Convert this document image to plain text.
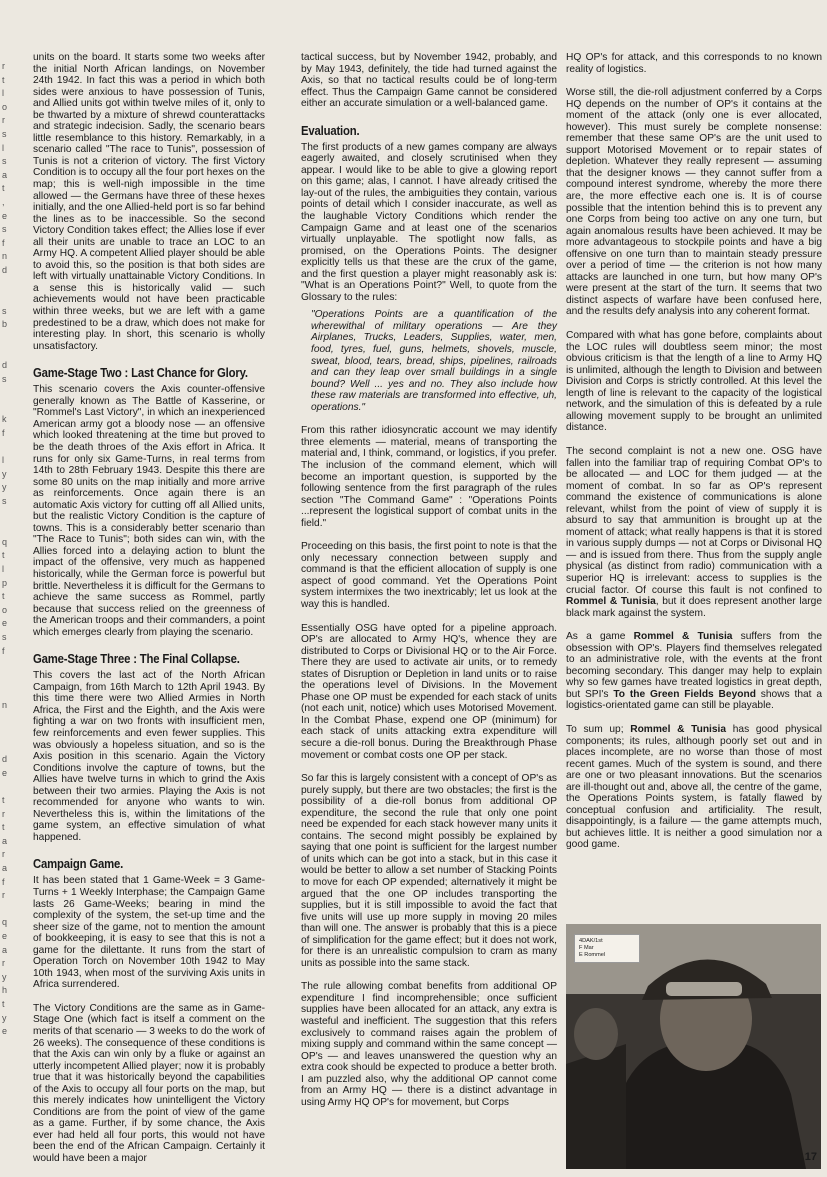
r
t
l
o
r
s
l
s
a
t
,
e
s
f
n
d

s
b

d
s

k
f

l
y
y
s

q
t
l
p
t
o
e
s
f

n

d
e

t
r
t
a
r
a
f
r

q
e
a
r
y
h
t
y
e

units on the board. It starts some two weeks after the initial North African landings, on November 24th 1942. In fact this was a period in which both sides were anxious to have possession of Tunis, and Allied units got within twelve miles of it, only to be thwarted by a mixture of shrewd counterattacks and strategic indecision. Sadly, the scenario bears little resemblance to this history. Remarkably, in a scenario called "The race to Tunis", possession of Tunis is not a criterion of victory. The first Victory Condition is to occupy all the four port hexes on the map; this is well-nigh impossible in the time allowed — the Germans have three of these hexes initially, and the one Allied-held port is so far behind the lines as to be inaccessible. So the second Victory Condition takes effect; the Allies lose if ever all their units are unable to trace an LOC to an Army HQ. A competent Allied player should be able to avoid this, so the position is that both sides are left with virtually unattainable Victory Conditions. In a sense this is historically valid — such achievements would not have been practicable within three weeks, but we are left with a game predestined to be a draw, which does not make for interesting play. In short, this scenario is wholly unsatisfactory.

Game-Stage Two : Last Chance for Glory.

This scenario covers the Axis counter-offensive generally known as The Battle of Kasserine, or "Rommel's Last Victory", in which an inexperienced American army got a bloody nose — an offensive which looked threatening at the time but proved to be the death throes of the Axis effort in Africa. It runs for only six Game-Turns, in real terms from 14th to 28th February 1943. Despite this there are some 80 units on the map initially and more arrive as reinforcements. Once again there is an automatic Axis victory for cutting off all Allied units, but the realistic Victory Condition is the capture of towns. This is a considerably better scenario than "The Race to Tunis"; both sides can win, with the Allies forced into a delaying action to blunt the impact of the offensive, very much as happened historically, while the German force is powerful but brittle. Nevertheless it is difficult for the Germans to achieve the same success as Rommel, partly because that success relied on the greenness of the American troops and their commanders, a point which emerges clearly from playing the scenario.

Game-Stage Three : The Final Collapse.

This covers the last act of the North African Campaign, from 16th March to 12th April 1943. By this time there were two Allied Armies in North Africa, the First and the Eighth, and the Axis were fighting a war on two fronts with insufficient men, few reinforcements and even fewer supplies. This was obviously a hopeless situation, and so is the Axis position in this scenario. Again the Victory Conditions involve the capture of towns, but the Allies have twelve turns in which to grind the Axis between their two armies. Playing the Axis is not recommended for anyone who wants to win. Nevertheless this is, within the limitations of the game system, an effective simulation of what happened.

Campaign Game.

It has been stated that 1 Game-Week = 3 Game-Turns + 1 Weekly Interphase; the Campaign Game lasts 26 Game-Weeks; bearing in mind the complexity of the system, the set-up time and the sheer size of the game, not to mention the amount of bookkeeping, it is easy to see that this is not a game for the dilettante. It runs from the start of Operation Torch on November 10th 1942 to May 10th 1943, when most of the surviving Axis units in Africa surrendered.

The Victory Conditions are the same as in Game-Stage One (which fact is itself a comment on the merits of that scenario — 3 weeks to do the work of 26 weeks). The consequence of these conditions is that the Axis can win only by a fluke or against an utterly incompetent Allied player; now it is probably true that it was historically beyond the capabilities of the Axis to occupy all four ports on the map, but this merely indicates how unintelligent the Victory Conditions are from the point of view of the game as a game. Further, if by some chance, the Axis ever had held all four ports, this would not have been the end of the African Campaign. Certainly it would have been a major

tactical success, but by November 1942, probably, and by May 1943, definitely, the tide had turned against the Axis, so that no tactical results could be of long-term effect. Thus the Campaign Game cannot be considered either an accurate simulation or a well-balanced game.

Evaluation.

The first products of a new games company are always eagerly awaited, and closely scrutinised when they appear. I would like to be able to give a glowing report on this game; alas, I cannot. I have already critised the lay-out of the rules, the ambiguities they contain, various points of detail which I consider inaccurate, as well as the laughable Victory Conditions which render the Campaign Game and at least one of the scenarios virtually unplayable. The spotlight now falls, as promised, on the Operations Points. The designer explicitly tells us that these are the crux of the game, and the first question a player might reasonably ask is: "What is an Operations Point?" Well, to quote from the Glossary to the rules:

"Operations Points are a quantification of the wherewithal of military operations — Are they Airplanes, Trucks, Leaders, Supplies, water, men, food, tyres, fuel, guns, helmets, shovels, muscle, sweat, blood, tears, bread, ships, pipelines, railroads and can they leap over small buildings in a single bound? Well ... yes and no. They also include how these raw materials are transformed into effective, uh, operations."

From this rather idiosyncratic account we may identify three elements — material, means of transporting the material and, I think, command, or logistics, if you prefer. The inclusion of the command element, which will become an important question, is supported by the following sentence from the first paragraph of the rules section "The Command Game" : "Operations Points ...represent the logistical support of combat units in the field."

Proceeding on this basis, the first point to note is that the only necessary connection between supply and command is that the efficient allocation of supply is one aspect of good command. Yet the Operations Point system intermixes the two inextricably; let us look at the way this is handled.

Essentially OSG have opted for a pipeline approach. OP's are allocated to Army HQ's, whence they are distributed to Corps or Divisional HQ or to the Air Force. There they are used to activate air units, or to remedy states of Disruption or Depletion in land units or to raise the operations level of Divisions. In the Movement Phase one OP must be expended for each stack of units (not each unit, notice) which uses Motorised Movement. In the Combat Phase, expend one OP (minimum) for each stack of units attacking extra expenditure will secure a die-roll bonus. During the Breakthrough Phase movement or combat costs one OP per stack.

So far this is largely consistent with a concept of OP's as purely supply, but there are two obstacles; the first is the possibility of a die-roll bonus from additional OP expenditure, the second the rule that only one point need be expended for each stack however many units it contains. The second might possibly be explained by saying that one point is sufficient for the largest number of units which can be got into a stack, but in this case it would be better to allow a set number of Stacking Points to move for each OP expended; alternatively it might be argued that the one OP includes transporting the supplies, but it is still impossible to avoid the fact that five units will use up more supply in moving 20 miles than will one. The answer is probably that this is a piece of simplification for the game effect; but it does not work, for there is an unrealistic compulsion to cram as many units as possible into the same stack.

The rule allowing combat benefits from additional OP expenditure I find incomprehensible; once sufficient supplies have been allocated for an attack, any extra is wasteful and inefficient. The suggestion that this refers exclusively to command raises again the problem of mixing supply and command within the same concept — OP's — and leaves unanswered the question why an extra cook should be expected to produce a better broth. I am puzzled also, why the additional OP cannot come from an Army HQ — there is a distinct advantage in using Army HQ OP's for movement, but Corps

HQ OP's for attack, and this corresponds to no known reality of logistics.

Worse still, the die-roll adjustment conferred by a Corps HQ depends on the number of OP's it contains at the moment of the attack (only one is ever allocated, however). This must surely be complete nonsense: remember that these same OP's are the unit used to support Motorised Movement or to repair states of depletion. Whatever they really represent — assuming that the designer knows — they cannot suffer from a compound interest syndrome, whereby the more there are, the more effective each one is. It is of course possible that the intention behind this is to prevent any one Corps from being too active on any one turn, but again anomalous results have been achieved. It may be more advantageous to stockpile points and have a big offensive on one turn than to maintain steady pressure over a period of time — the criterion is not how many attacks are launched in one turn, but how many OP's were present at the start of the turn. It seems that two distinct aspects of warfare have been confused here, and the results defy analysis into any coherent format.

Compared with what has gone before, complaints about the LOC rules will doubtless seem minor; the most obvious criticism is that the length of a line to Army HQ is unlimited, although the length to Division and between Division and Corps is strictly controlled. At this level the length of line is relevant to the capacity of the logistical network, and the simulation of this is defeated by a rule allowing movement supply to be brought an unlimited distance.

The second complaint is not a new one. OSG have fallen into the familiar trap of requiring Combat OP's to be allocated — and LOC for them judged — at the moment of combat. In so far as OP's represent command the existence of communications is alone relevant, whilst from the point of view of supply it is absurd to say that ammunition is brought up at the moment of attack; what really happens is that it is stored in various supply dumps — not at Corps or Divisonal HQ — and is issued from there. Thus from the supply angle physical (as distinct from radio) communication with a superior HQ is irrelevant: access to supplies is the crucial factor. Of course this fault is not confined to Rommel & Tunisia, but it does represent another large black mark against the system.

As a game Rommel & Tunisia suffers from the obsession with OP's. Players find themselves relegated to an administrative role, with the events at the front becoming secondary. This danger may help to explain why so few games have treated logistics in great depth, but SPI's To the Green Fields Beyond shows that a logistics-orientated game can still be playable.

To sum up; Rommel & Tunisia has good physical components; its rules, although poorly set out and in places incomplete, are no worse than those of most recent games. Much of the system is sound, and there are one or two pleasant innovations. But the scenarios are ill-thought out and, above all, the centre of the game, the Operations Points system, is fatally flawed by conceptual confusion and artificiality. The result, disappointingly, is a failure — the game attempts much, but achieves little. It is neither a good simulation nor a good game.

4DAK/1st
F Mar
E Rommel
17
